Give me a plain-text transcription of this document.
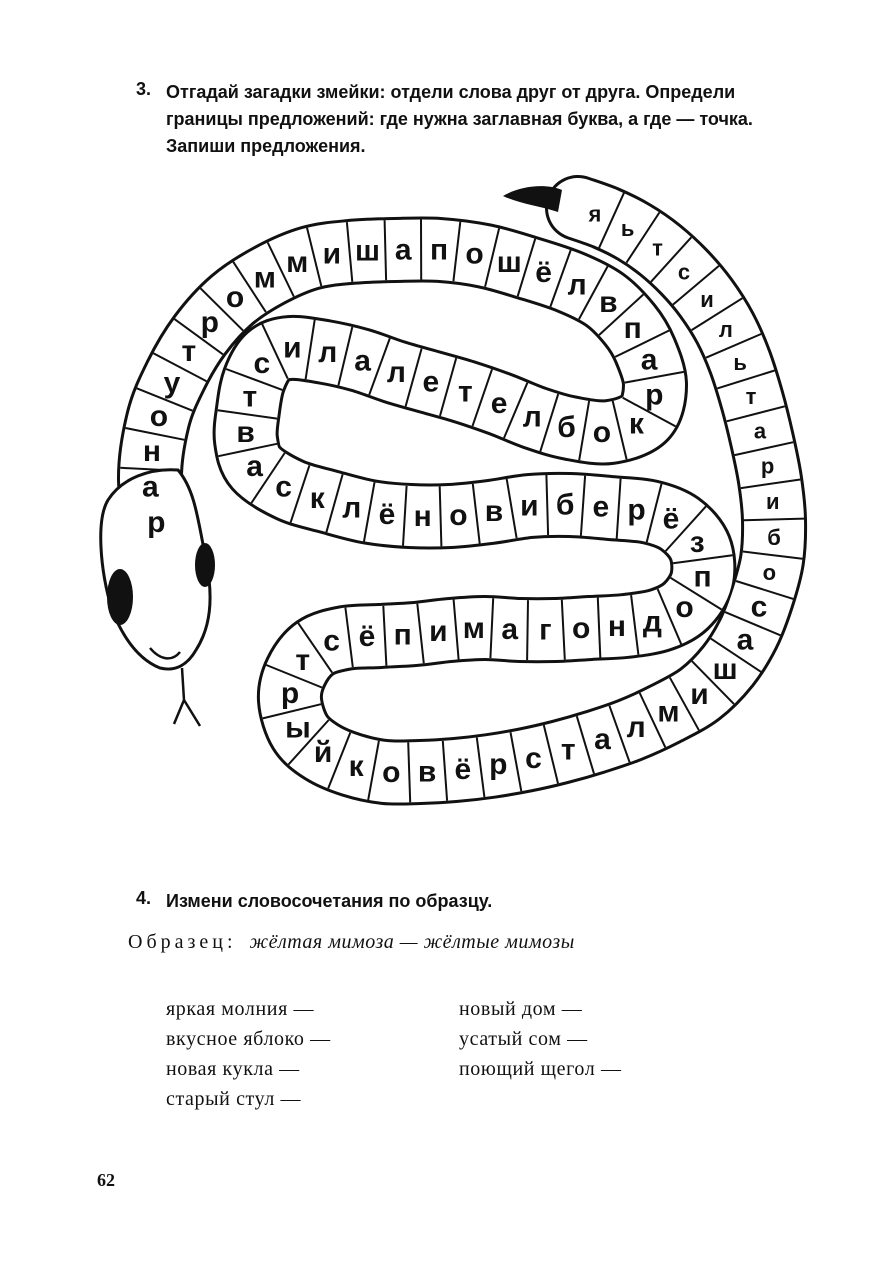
3. Отгадай загадки змейки: отдели слова друг от друга. Определи границы предложений: где нужна заглавная буква, а где — точка. Запиши предложения.
р
а
н
о
у
т
р
о
м м и ш а п о ш ё л
в
п
а
р
к
о
б
л
е
т
е
л
а
л
и
с
т
в
а
с к л ё н о в и б е р ё
з
п
о
д
н
о
г
а
м
и
п
ё
с
т
р
ы
й к о в ё р с т а л м
и
ш
а
с
о
б
и
р
а
т
ь
л
и
с
т
ь
я
4. Измени словосочетания по образцу.
Образец: жёлтая мимоза — жёлтые мимозы
яркая молния —
вкусное яблоко —
новая кукла —
старый стул —
новый дом —
усатый сом —
поющий щегол —
62
